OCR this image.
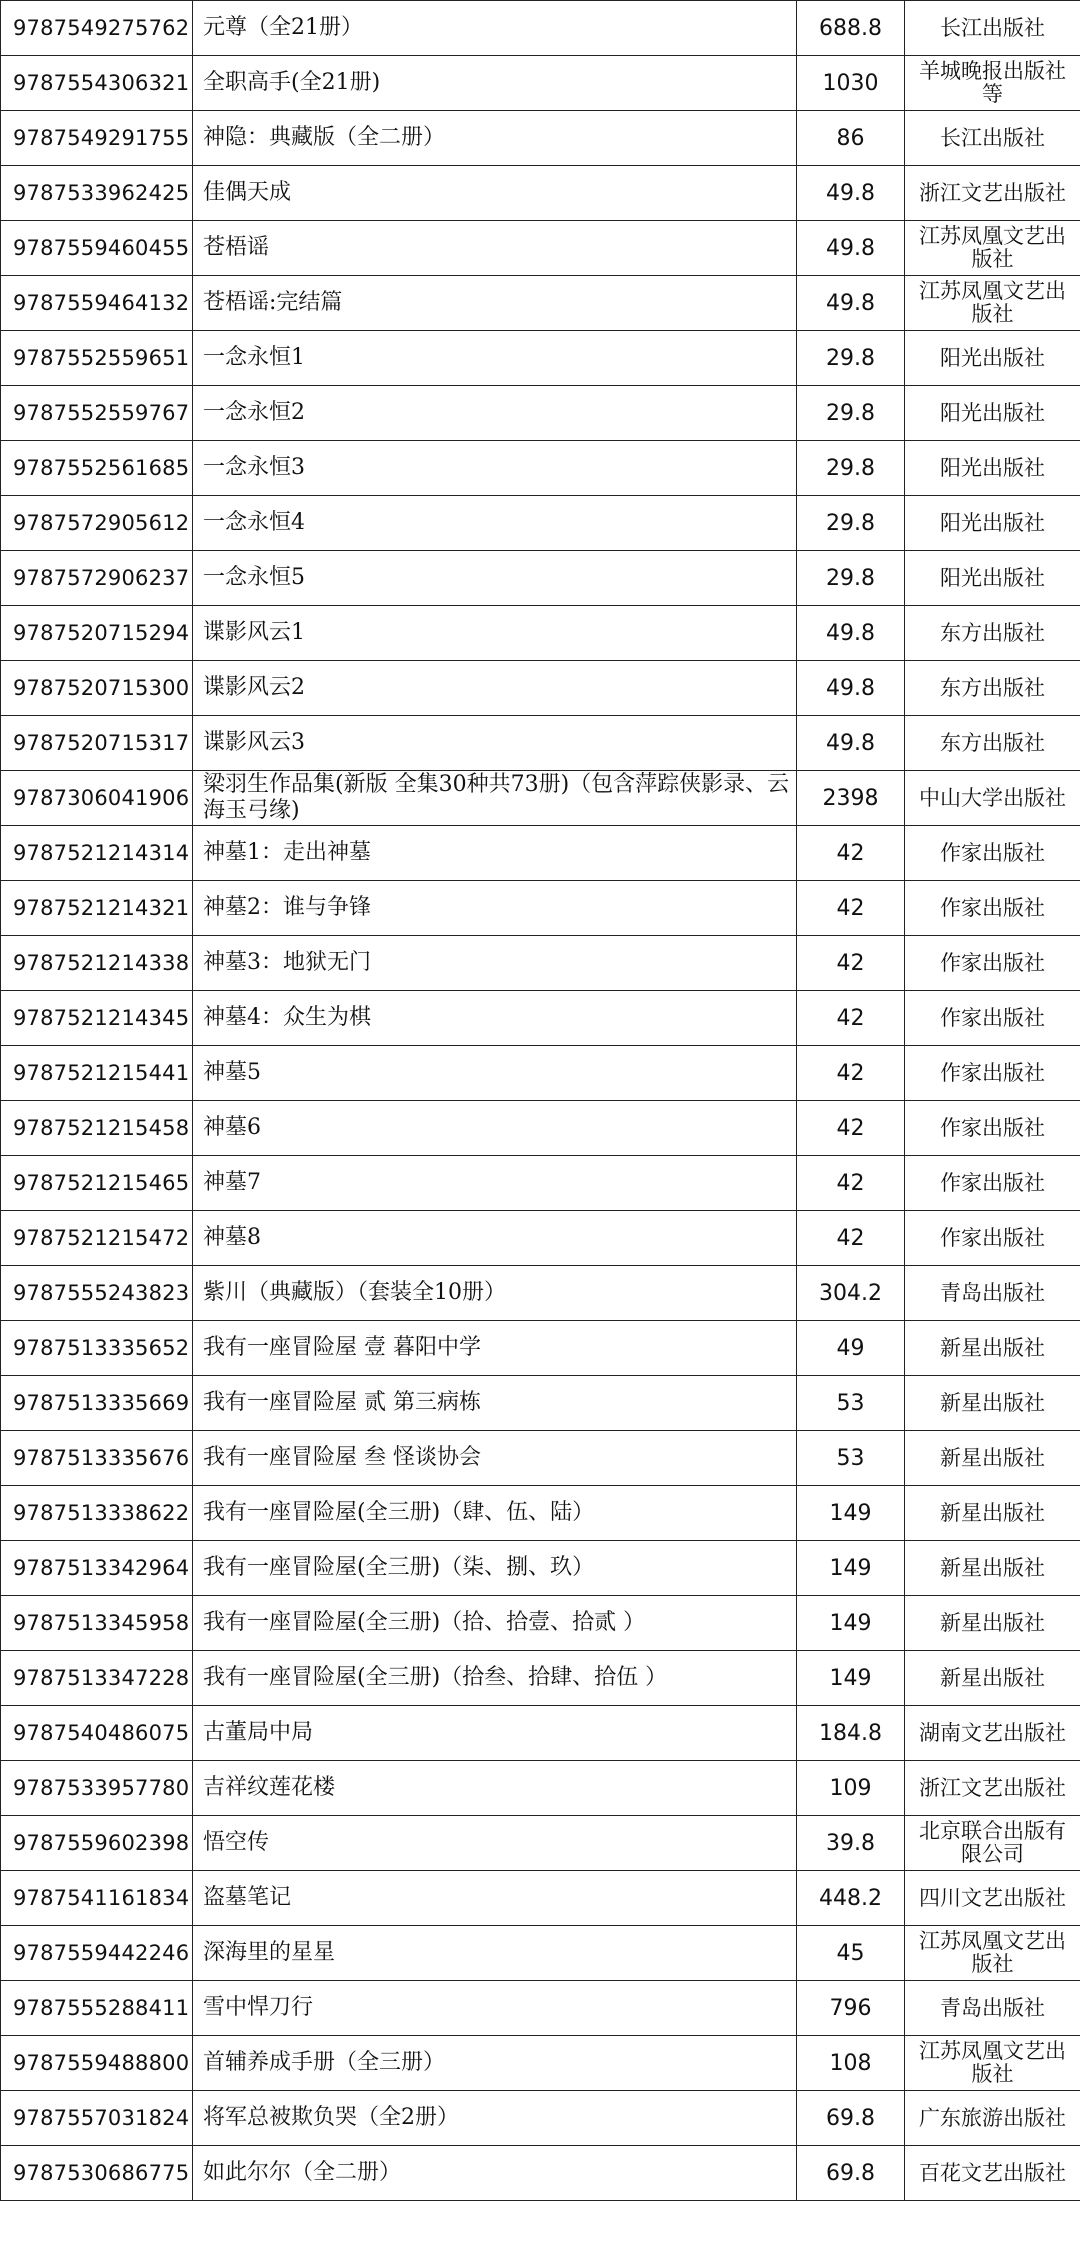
9787549275762	元尊（全21册）	688.8	长江出版社
9787554306321	全职高手(全21册)	1030	羊城晚报出版社等
9787549291755	神隐：典藏版（全二册）	86	长江出版社
9787533962425	佳偶天成	49.8	浙江文艺出版社
9787559460455	苍梧谣	49.8	江苏凤凰文艺出版社
9787559464132	苍梧谣:完结篇	49.8	江苏凤凰文艺出版社
9787552559651	一念永恒1	29.8	阳光出版社
9787552559767	一念永恒2	29.8	阳光出版社
9787552561685	一念永恒3	29.8	阳光出版社
9787572905612	一念永恒4	29.8	阳光出版社
9787572906237	一念永恒5	29.8	阳光出版社
9787520715294	谍影风云1	49.8	东方出版社
9787520715300	谍影风云2	49.8	东方出版社
9787520715317	谍影风云3	49.8	东方出版社
9787306041906	梁羽生作品集(新版 全集30种共73册)（包含萍踪侠影录、云海玉弓缘)	2398	中山大学出版社
9787521214314	神墓1：走出神墓	42	作家出版社
9787521214321	神墓2：谁与争锋	42	作家出版社
9787521214338	神墓3：地狱无门	42	作家出版社
9787521214345	神墓4：众生为棋	42	作家出版社
9787521215441	神墓5	42	作家出版社
9787521215458	神墓6	42	作家出版社
9787521215465	神墓7	42	作家出版社
9787521215472	神墓8	42	作家出版社
9787555243823	紫川（典藏版）（套装全10册）	304.2	青岛出版社
9787513335652	我有一座冒险屋 壹 暮阳中学	49	新星出版社
9787513335669	我有一座冒险屋 贰 第三病栋	53	新星出版社
9787513335676	我有一座冒险屋 叁 怪谈协会	53	新星出版社
9787513338622	我有一座冒险屋(全三册)（肆、伍、陆）	149	新星出版社
9787513342964	我有一座冒险屋(全三册)（柒、捌、玖）	149	新星出版社
9787513345958	我有一座冒险屋(全三册)（拾、拾壹、拾贰 ）	149	新星出版社
9787513347228	我有一座冒险屋(全三册)（拾叁、拾肆、拾伍 ）	149	新星出版社
9787540486075	古董局中局	184.8	湖南文艺出版社
9787533957780	吉祥纹莲花楼	109	浙江文艺出版社
9787559602398	悟空传	39.8	北京联合出版有限公司
9787541161834	盗墓笔记	448.2	四川文艺出版社
9787559442246	深海里的星星	45	江苏凤凰文艺出版社
9787555288411	雪中悍刀行	796	青岛出版社
9787559488800	首辅养成手册（全三册）	108	江苏凤凰文艺出版社
9787557031824	将军总被欺负哭（全2册）	69.8	广东旅游出版社
9787530686775	如此尔尔（全二册）	69.8	百花文艺出版社
